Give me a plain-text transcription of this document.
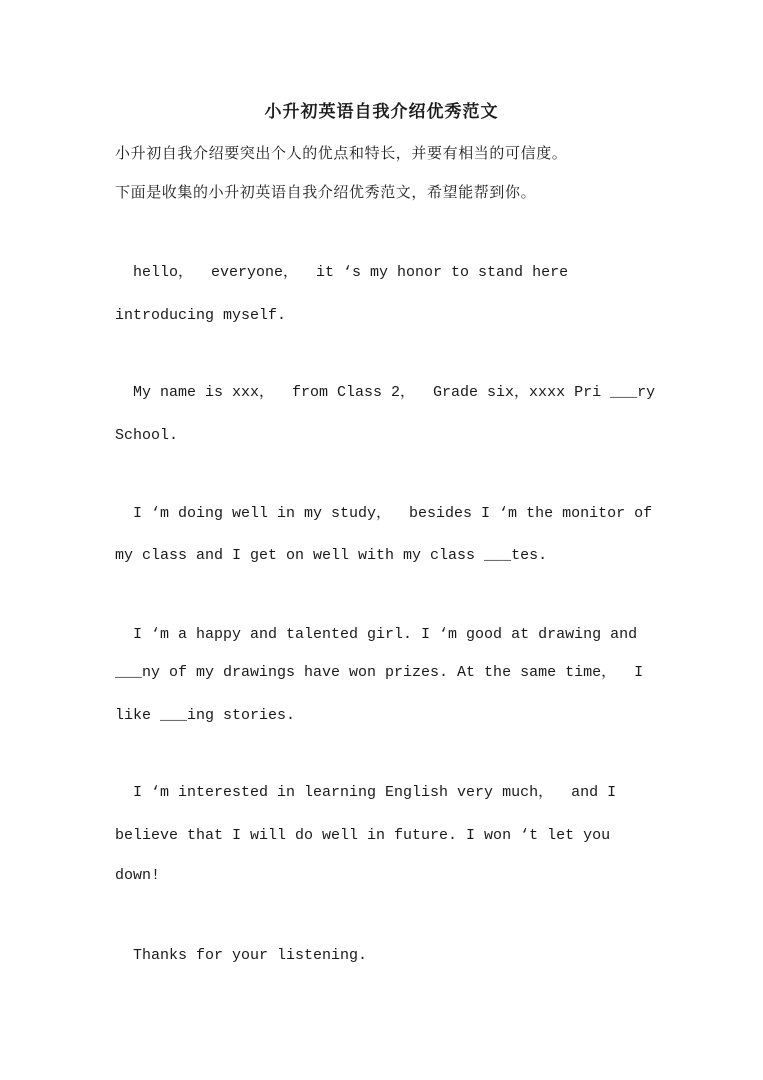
小升初英语自我介绍优秀范文
小升初自我介绍要突出个人的优点和特长，并要有相当的可信度。
下面是收集的小升初英语自我介绍优秀范文，希望能帮到你。
hello，  everyone，  it ‘s my honor to stand here
introducing myself.
My name is xxx，  from Class 2，  Grade six，xxxx Pri ___ry
School.
I ‘m doing well in my study，  besides I ‘m the monitor of
my class and I get on well with my class ___tes.
I ‘m a happy and talented girl. I ‘m good at drawing and
___ny of my drawings have won prizes. At the same time，  I
like ___ing stories.
I ‘m interested in learning English very much，  and I
believe that I will do well in future. I won ‘t let you
down!
Thanks for your listening.
